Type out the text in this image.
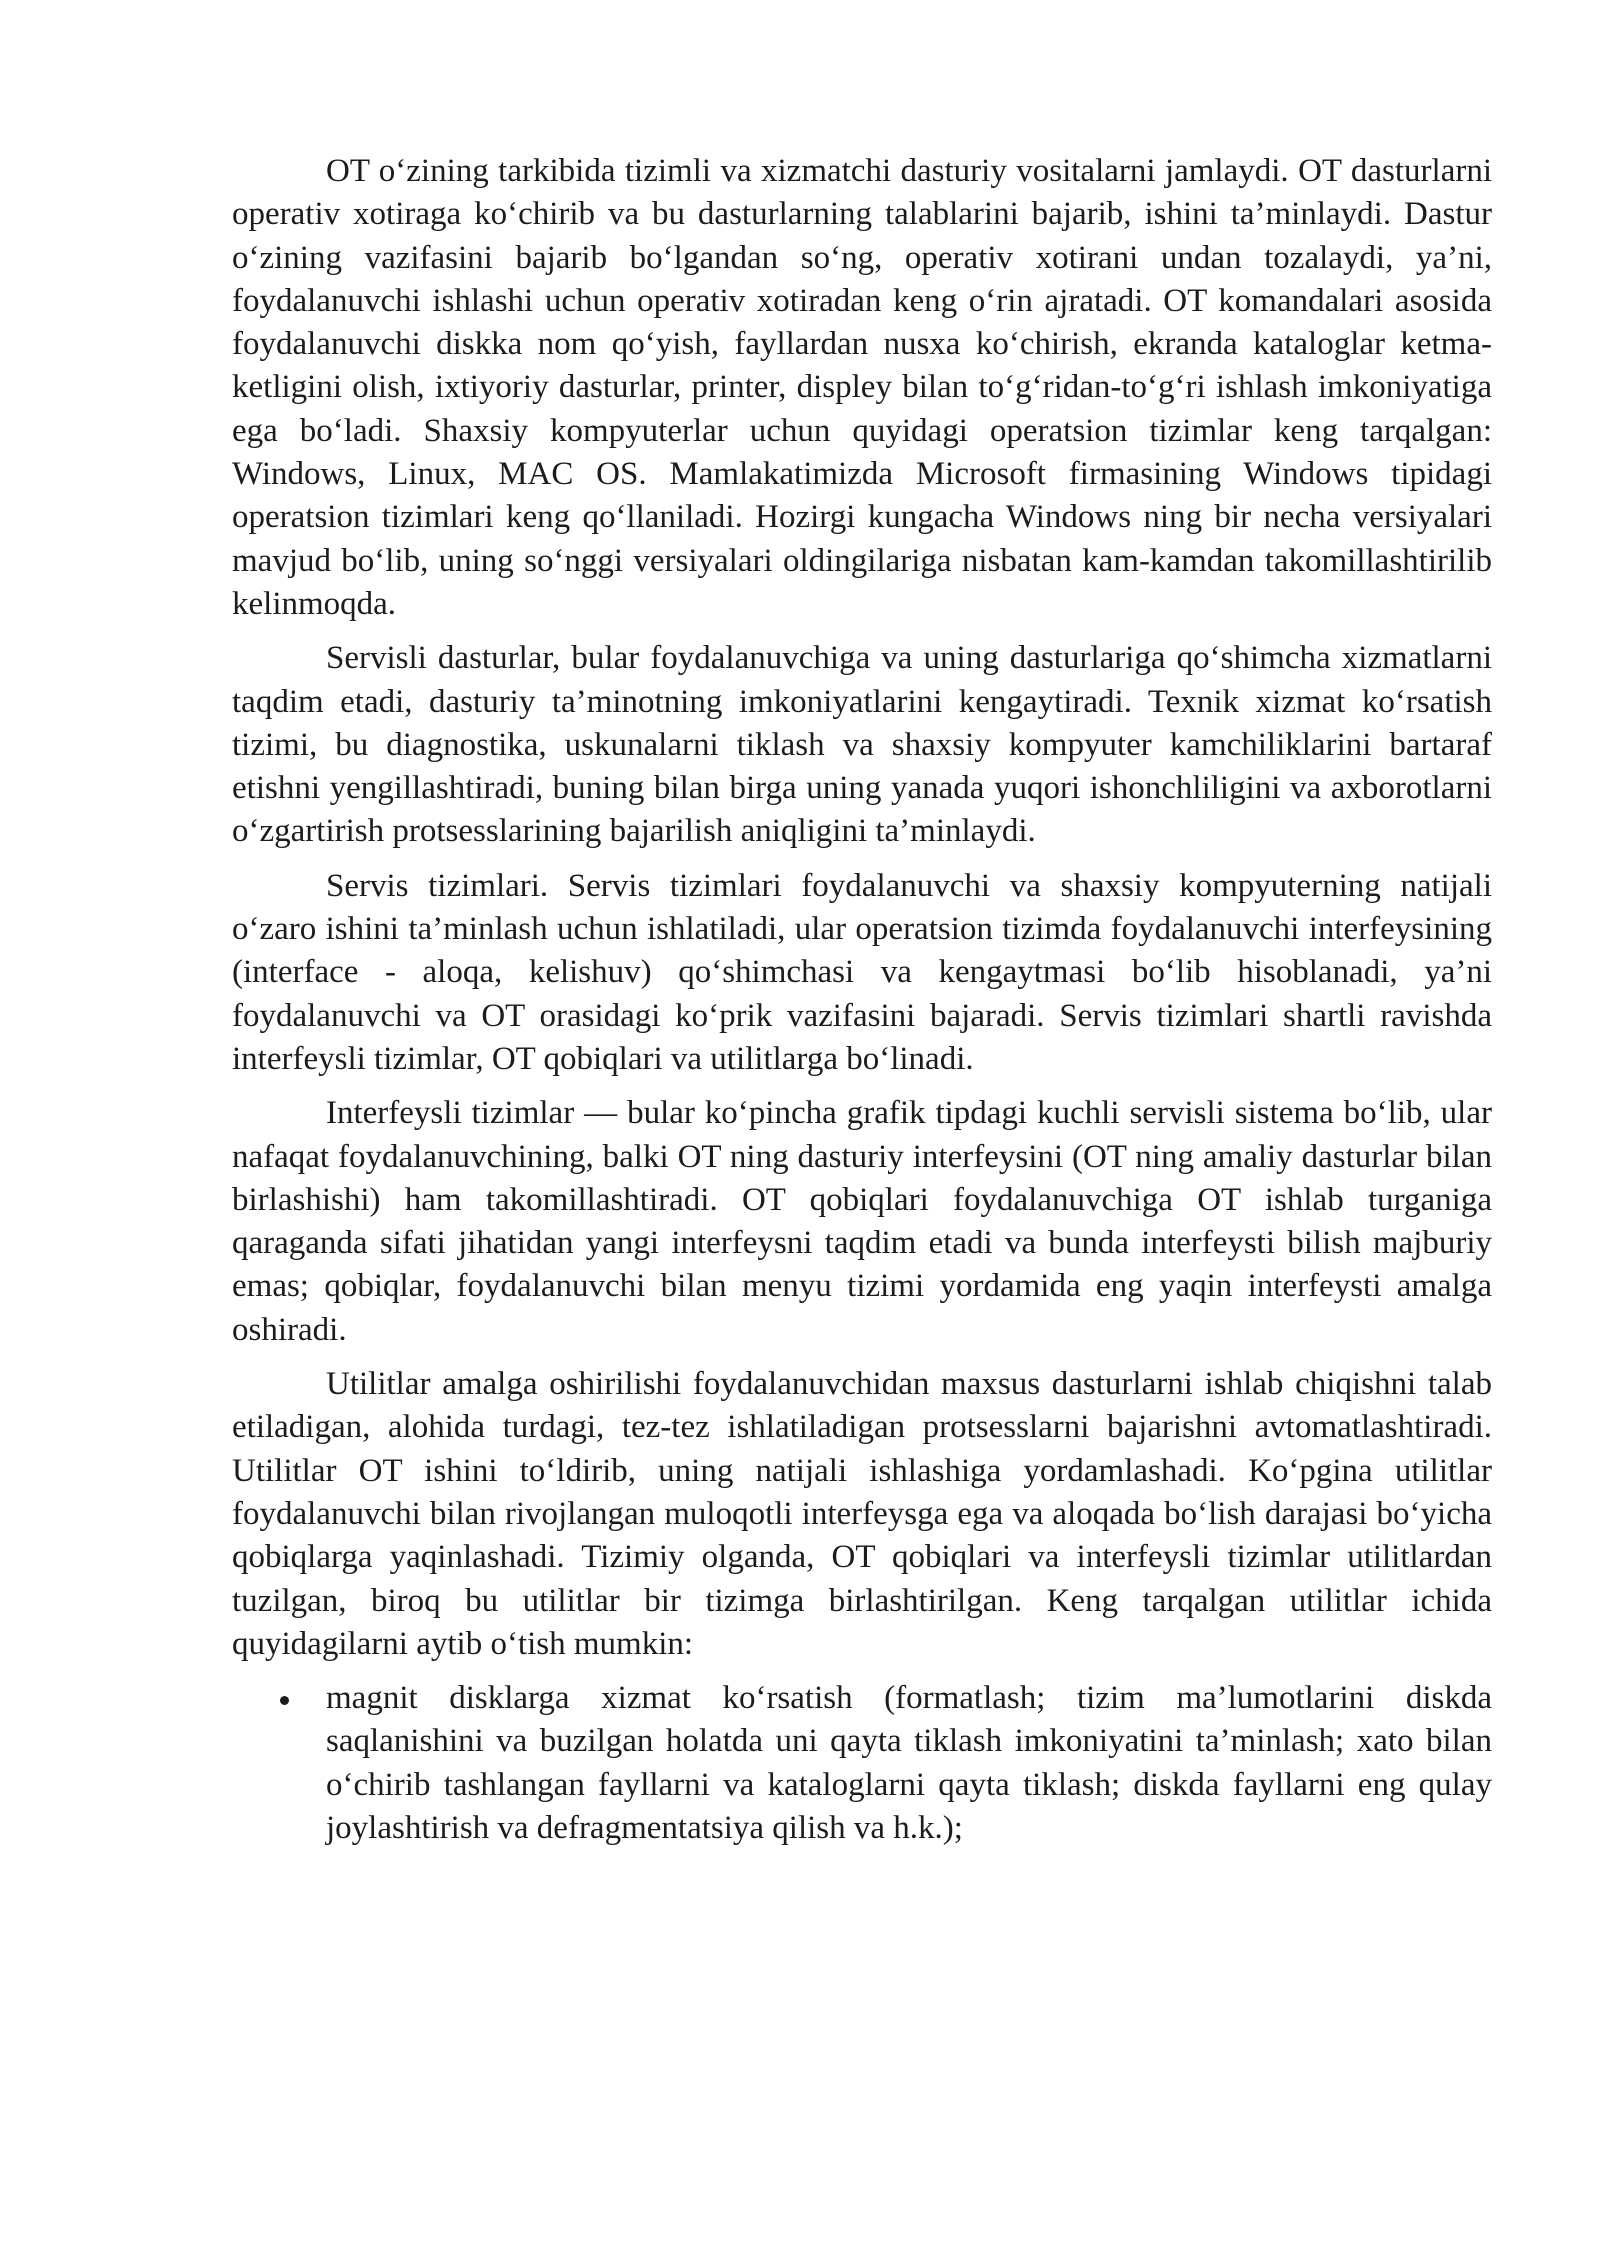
OT o‘zining tarkibida tizimli va xizmatchi dasturiy vositalarni jamlaydi. OT dasturlarni operativ xotiraga ko‘chirib va bu dasturlarning talablarini bajarib, ishini ta’minlaydi. Dastur o‘zining vazifasini bajarib bo‘lgandan so‘ng, operativ xotirani undan tozalaydi, ya’ni, foydalanuvchi ishlashi uchun operativ xotiradan keng o‘rin ajratadi. OT komandalari asosida foydalanuvchi diskka nom qo‘yish, fayllardan nusxa ko‘chirish, ekranda kataloglar ketma-ketligini olish, ixtiyoriy dasturlar, printer, displey bilan to‘g‘ridan-to‘g‘ri ishlash imkoniyatiga ega bo‘ladi. Shaxsiy kompyuterlar uchun quyidagi operatsion tizimlar keng tarqalgan: Windows, Linux, MAC OS. Mamlakatimizda Microsoft firmasining Windows tipidagi operatsion tizimlari keng qo‘llaniladi. Hozirgi kungacha Windows ning bir necha versiyalari mavjud bo‘lib, uning so‘nggi versiyalari oldingilariga nisbatan kam-kamdan takomillashtirilib kelinmoqda.

Servisli dasturlar, bular foydalanuvchiga va uning dasturlariga qo‘shimcha xizmatlarni taqdim etadi, dasturiy ta’minotning imkoniyatlarini kengaytiradi. Texnik xizmat ko‘rsatish tizimi, bu diagnostika, uskunalarni tiklash va shaxsiy kompyuter kamchiliklarini bartaraf etishni yengillashtiradi, buning bilan birga uning yanada yuqori ishonchliligini va axborotlarni o‘zgartirish protsesslarining bajarilish aniqligini ta’minlaydi.

Servis tizimlari. Servis tizimlari foydalanuvchi va shaxsiy kompyuterning natijali o‘zaro ishini ta’minlash uchun ishlatiladi, ular operatsion tizimda foydalanuvchi interfeysining (interface - aloqa, kelishuv) qo‘shimchasi va kengaytmasi bo‘lib hisoblanadi, ya’ni foydalanuvchi va OT orasidagi ko‘prik vazifasini bajaradi. Servis tizimlari shartli ravishda interfeysli tizimlar, OT qobiqlari va utilitlarga bo‘linadi.

Interfeysli tizimlar — bular ko‘pincha grafik tipdagi kuchli servisli sistema bo‘lib, ular nafaqat foydalanuvchining, balki OT ning dasturiy interfeysini (OT ning amaliy dasturlar bilan birlashishi) ham takomillashtiradi. OT qobiqlari foydalanuvchiga OT ishlab turganiga qaraganda sifati jihatidan yangi interfeysni taqdim etadi va bunda interfeysti bilish majburiy emas; qobiqlar, foydalanuvchi bilan menyu tizimi yordamida eng yaqin interfeysti amalga oshiradi.

Utilitlar amalga oshirilishi foydalanuvchidan maxsus dasturlarni ishlab chiqishni talab etiladigan, alohida turdagi, tez-tez ishlatiladigan protsesslarni bajarishni avtomatlashtiradi. Utilitlar OT ishini to‘ldirib, uning natijali ishlashiga yordamlashadi. Ko‘pgina utilitlar foydalanuvchi bilan rivojlangan muloqotli interfeysga ega va aloqada bo‘lish darajasi bo‘yicha qobiqlarga yaqinlashadi. Tizimiy olganda, OT qobiqlari va interfeysli tizimlar utilitlardan tuzilgan, biroq bu utilitlar bir tizimga birlashtirilgan. Keng tarqalgan utilitlar ichida quyidagilarni aytib o‘tish mumkin:

magnit disklarga xizmat ko‘rsatish (formatlash; tizim ma’lumotlarini diskda saqlanishini va buzilgan holatda uni qayta tiklash imkoniyatini ta’minlash; xato bilan o‘chirib tashlangan fayllarni va kataloglarni qayta tiklash; diskda fayllarni eng qulay joylashtirish va defragmentatsiya qilish va h.k.);
